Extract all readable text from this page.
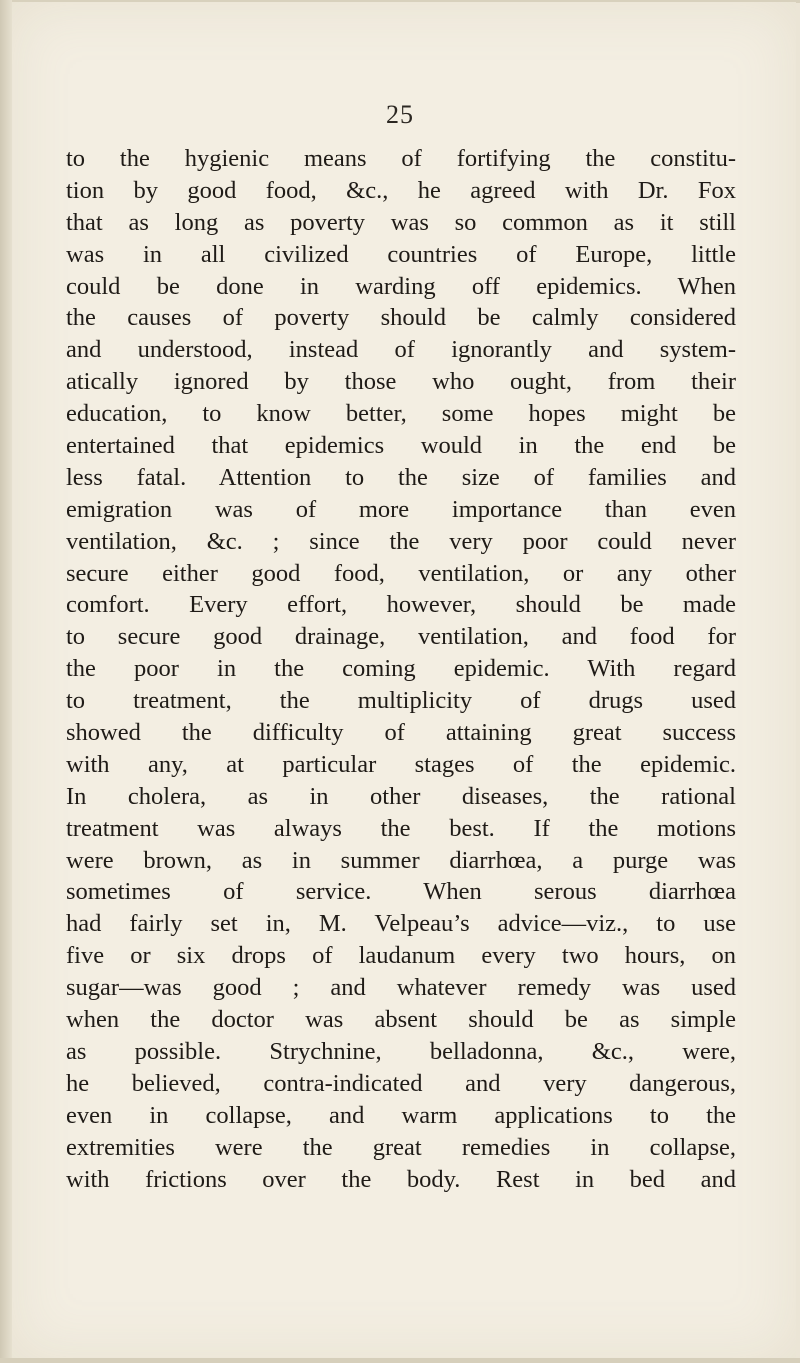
25
to the hygienic means of fortifying the constitu-
tion by good food, &c., he agreed with Dr. Fox
that as long as poverty was so common as it still
was in all civilized countries of Europe, little
could be done in warding off epidemics. When
the causes of poverty should be calmly considered
and understood, instead of ignorantly and system-
atically ignored by those who ought, from their
education, to know better, some hopes might be
entertained that epidemics would in the end be
less fatal. Attention to the size of families and
emigration was of more importance than even
ventilation, &c. ; since the very poor could never
secure either good food, ventilation, or any other
comfort. Every effort, however, should be made
to secure good drainage, ventilation, and food for
the poor in the coming epidemic. With regard
to treatment, the multiplicity of drugs used
showed the difficulty of attaining great success
with any, at particular stages of the epidemic.
In cholera, as in other diseases, the rational
treatment was always the best. If the motions
were brown, as in summer diarrhœa, a purge was
sometimes of service. When serous diarrhœa
had fairly set in, M. Velpeau’s advice—viz., to use
five or six drops of laudanum every two hours, on
sugar—was good ; and whatever remedy was used
when the doctor was absent should be as simple
as possible. Strychnine, belladonna, &c., were,
he believed, contra-indicated and very dangerous,
even in collapse, and warm applications to the
extremities were the great remedies in collapse,
with frictions over the body. Rest in bed and
